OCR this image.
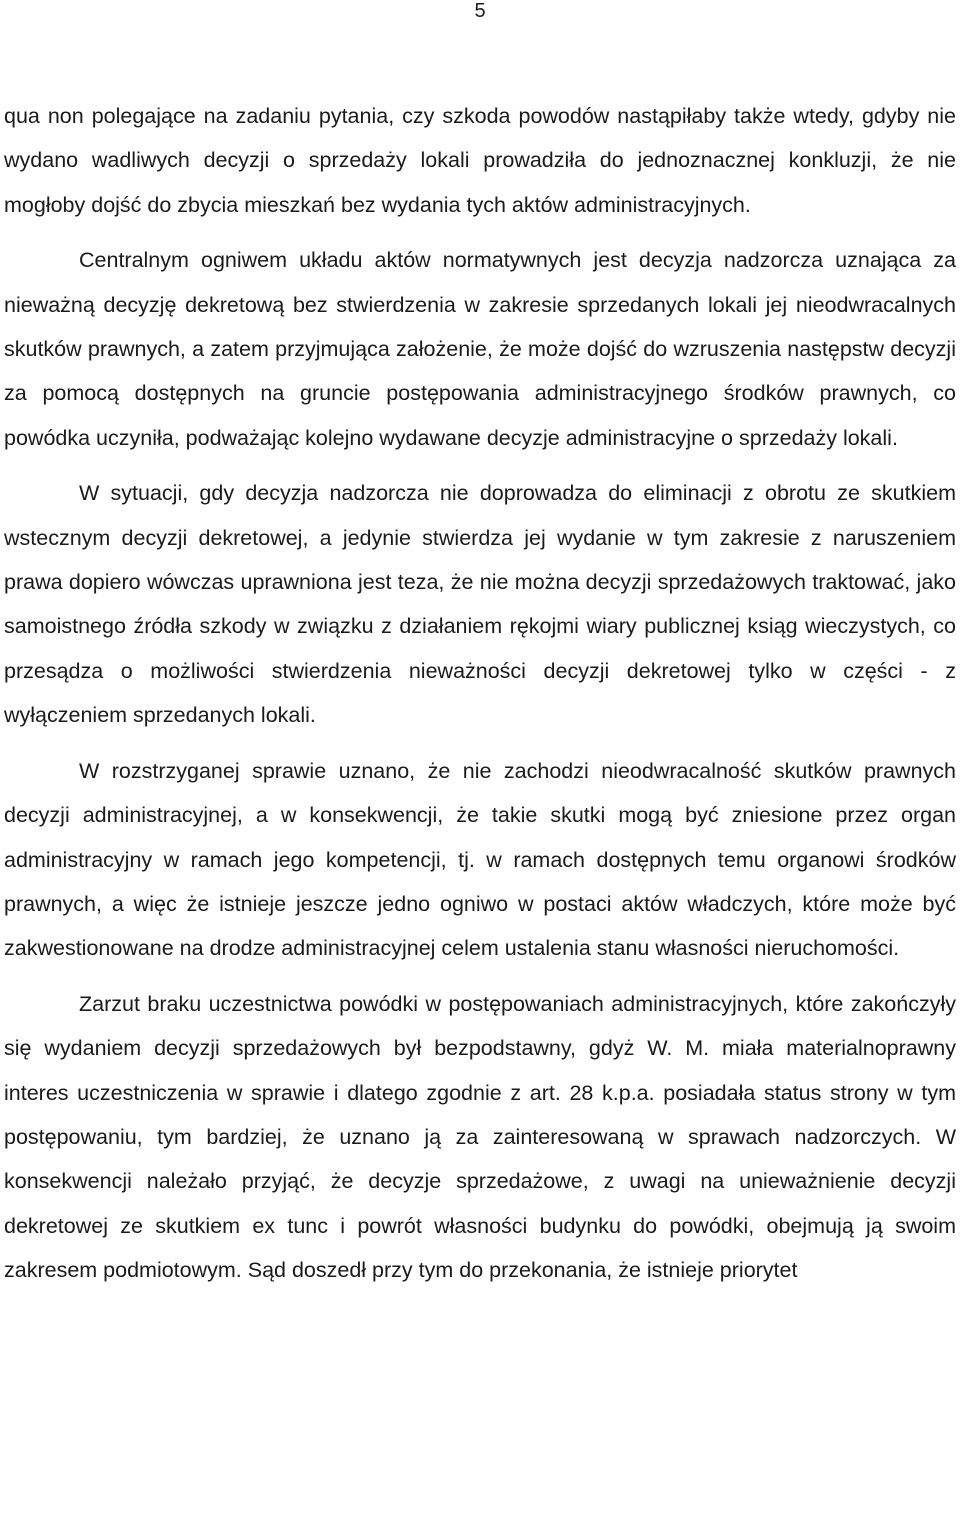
5

qua non polegające na zadaniu pytania, czy szkoda powodów nastąpiłaby także wtedy, gdyby nie wydano wadliwych decyzji o sprzedaży lokali prowadziła do jednoznacznej konkluzji, że nie mogłoby dojść do zbycia mieszkań bez wydania tych aktów administracyjnych.

Centralnym ogniwem układu aktów normatywnych jest decyzja nadzorcza uznająca za nieważną decyzję dekretową bez stwierdzenia w zakresie sprzedanych lokali jej nieodwracalnych skutków prawnych, a zatem przyjmująca założenie, że może dojść do wzruszenia następstw decyzji za pomocą dostępnych na gruncie postępowania administracyjnego środków prawnych, co powódka uczyniła, podważając kolejno wydawane decyzje administracyjne o sprzedaży lokali.

W sytuacji, gdy decyzja nadzorcza nie doprowadza do eliminacji z obrotu ze skutkiem wstecznym decyzji dekretowej, a jedynie stwierdza jej wydanie w tym zakresie z naruszeniem prawa dopiero wówczas uprawniona jest teza, że nie można decyzji sprzedażowych traktować, jako samoistnego źródła szkody w związku z działaniem rękojmi wiary publicznej ksiąg wieczystych, co przesądza o możliwości stwierdzenia nieważności decyzji dekretowej tylko w części - z wyłączeniem sprzedanych lokali.

W rozstrzyganej sprawie uznano, że nie zachodzi nieodwracalność skutków prawnych decyzji administracyjnej, a w konsekwencji, że takie skutki mogą być zniesione przez organ administracyjny w ramach jego kompetencji, tj. w ramach dostępnych temu organowi środków prawnych, a więc że istnieje jeszcze jedno ogniwo w postaci aktów władczych, które może być zakwestionowane na drodze administracyjnej celem ustalenia stanu własności nieruchomości.

Zarzut braku uczestnictwa powódki w postępowaniach administracyjnych, które zakończyły się wydaniem decyzji sprzedażowych był bezpodstawny, gdyż W. M. miała materialnoprawny interes uczestniczenia w sprawie i dlatego zgodnie z art. 28 k.p.a. posiadała status strony w tym postępowaniu, tym bardziej, że uznano ją za zainteresowaną w sprawach nadzorczych. W konsekwencji należało przyjąć, że decyzje sprzedażowe, z uwagi na unieważnienie decyzji dekretowej ze skutkiem ex tunc i powrót własności budynku do powódki, obejmują ją swoim zakresem podmiotowym. Sąd doszedł przy tym do przekonania, że istnieje priorytet
